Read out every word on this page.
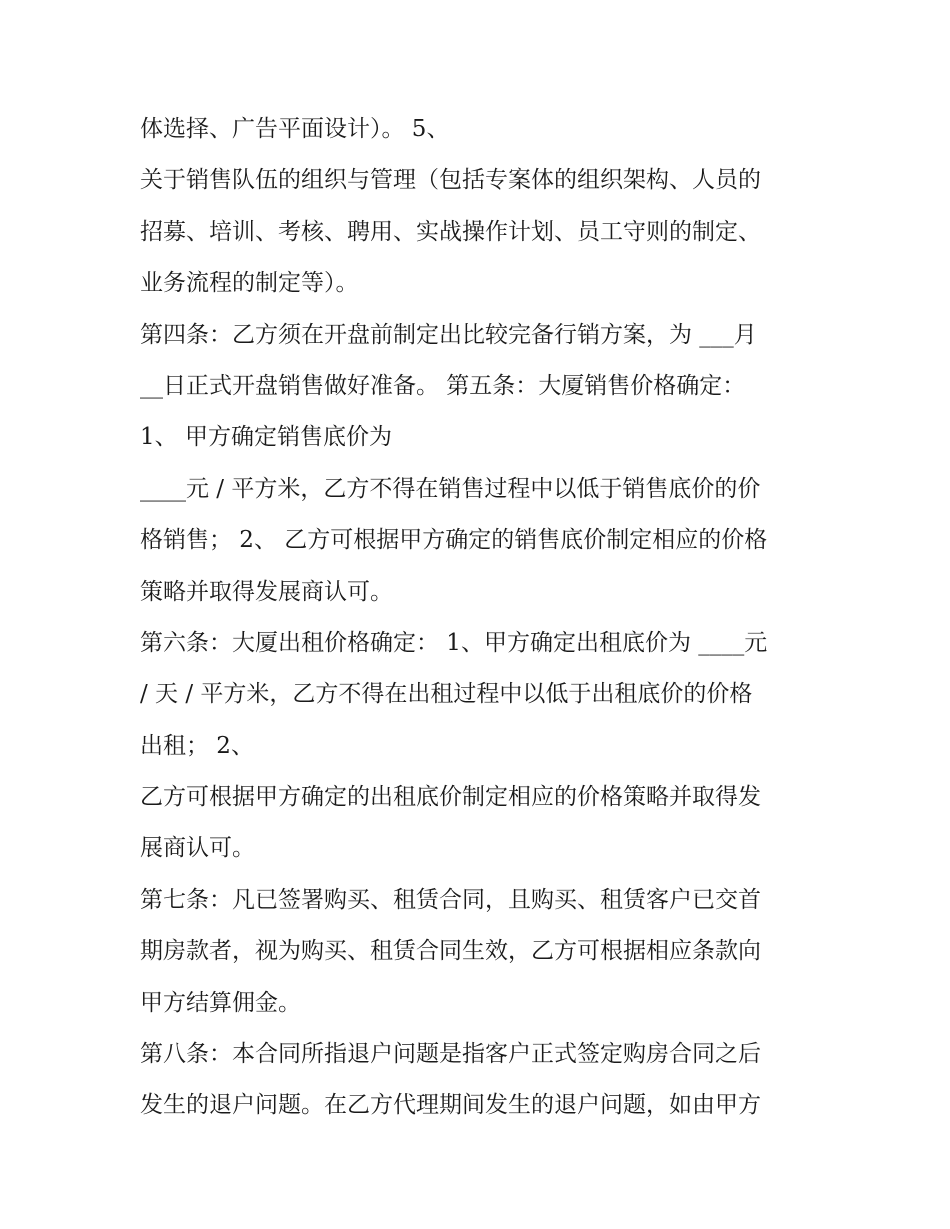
体选择、广告平面设计）。 5、
关于销售队伍的组织与管理（包括专案体的组织架构、人员的
招募、培训、考核、聘用、实战操作计划、员工守则的制定、
业务流程的制定等）。
第四条：乙方须在开盘前制定出比较完备行销方案，为 ___月
__日正式开盘销售做好准备。 第五条：大厦销售价格确定：
1、 甲方确定销售底价为
____元 / 平方米，乙方不得在销售过程中以低于销售底价的价
格销售； 2、 乙方可根据甲方确定的销售底价制定相应的价格
策略并取得发展商认可。
第六条：大厦出租价格确定： 1、甲方确定出租底价为 ____元
/ 天 / 平方米，乙方不得在出租过程中以低于出租底价的价格
出租； 2、
乙方可根据甲方确定的出租底价制定相应的价格策略并取得发
展商认可。
第七条：凡已签署购买、租赁合同，且购买、租赁客户已交首
期房款者，视为购买、租赁合同生效，乙方可根据相应条款向
甲方结算佣金。
第八条：本合同所指退户问题是指客户正式签定购房合同之后
发生的退户问题。在乙方代理期间发生的退户问题，如由甲方
